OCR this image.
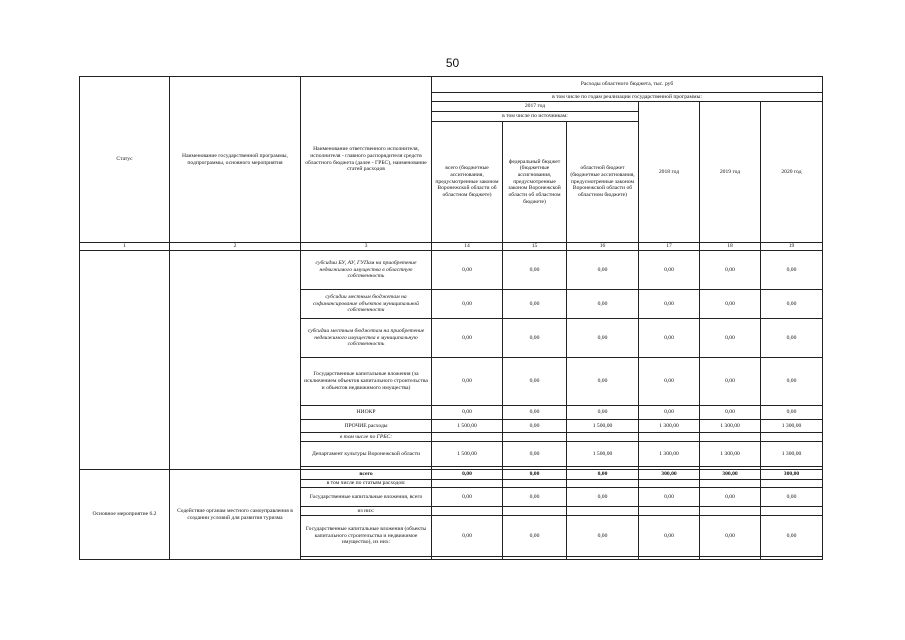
50
Статус	Наименование государственной программы, подпрограммы, основного мероприятия	Наименование ответственного исполнителя, исполнителя - главного распорядителя средств областного бюджета (далее - ГРБС), наименование статей расходов	Расходы областного бюджета, тыс. руб					
			в том числе по годам реализации государственной программы:					
			2017 год			2018 год	2019 год	2020 год
			в том числе по источникам:					
			всего (бюджетные ассигнования, предусмотренные законом Воронежской области об областном бюджете)	федеральный бюджет (бюджетные ассигнования, предусмотренные законом Воронежской области об областном бюджете)	областной бюджет (бюджетные ассигнования, предусмотренные законом Воронежской области об областном бюджете)			
1	2	3	14	15	16	17	18	19
		субсидии БУ, АУ, ГУПам на приобретение недвижимого имущества в областную собственность	0,00	0,00	0,00	0,00	0,00	0,00
		субсидии местным бюджетам на софинансирование объектов муниципальной собственности	0,00	0,00	0,00	0,00	0,00	0,00
		субсидии местным бюджетам на приобретение недвижимого имущества в муниципальную собственность	0,00	0,00	0,00	0,00	0,00	0,00
		Государственные капитальные вложения (за исключением объектов капитального строительства и объектов недвижимого имущества)	0,00	0,00	0,00	0,00	0,00	0,00
		НИОКР	0,00	0,00	0,00	0,00	0,00	0,00
		ПРОЧИЕ расходы	1 500,00	0,00	1 500,00	1 300,00	1 300,00	1 300,00
		в том числе по ГРБС:						
		Департамент культуры Воронежской области	1 500,00	0,00	1 500,00	1 300,00	1 300,00	1 300,00

Основное мероприятие 6.2	Содействие органам местного самоуправления в создании условий для развития туризма	всего	0,00	0,00	0,00	300,00	300,00	300,00
		в том числе по статьям расходов:						
		Государственные капитальные вложения, всего	0,00	0,00	0,00	0,00	0,00	0,00
		из них:						
		Государственные капитальные вложения (объекты капитального строительства и недвижимое имущество), из них:	0,00	0,00	0,00	0,00	0,00	0,00
